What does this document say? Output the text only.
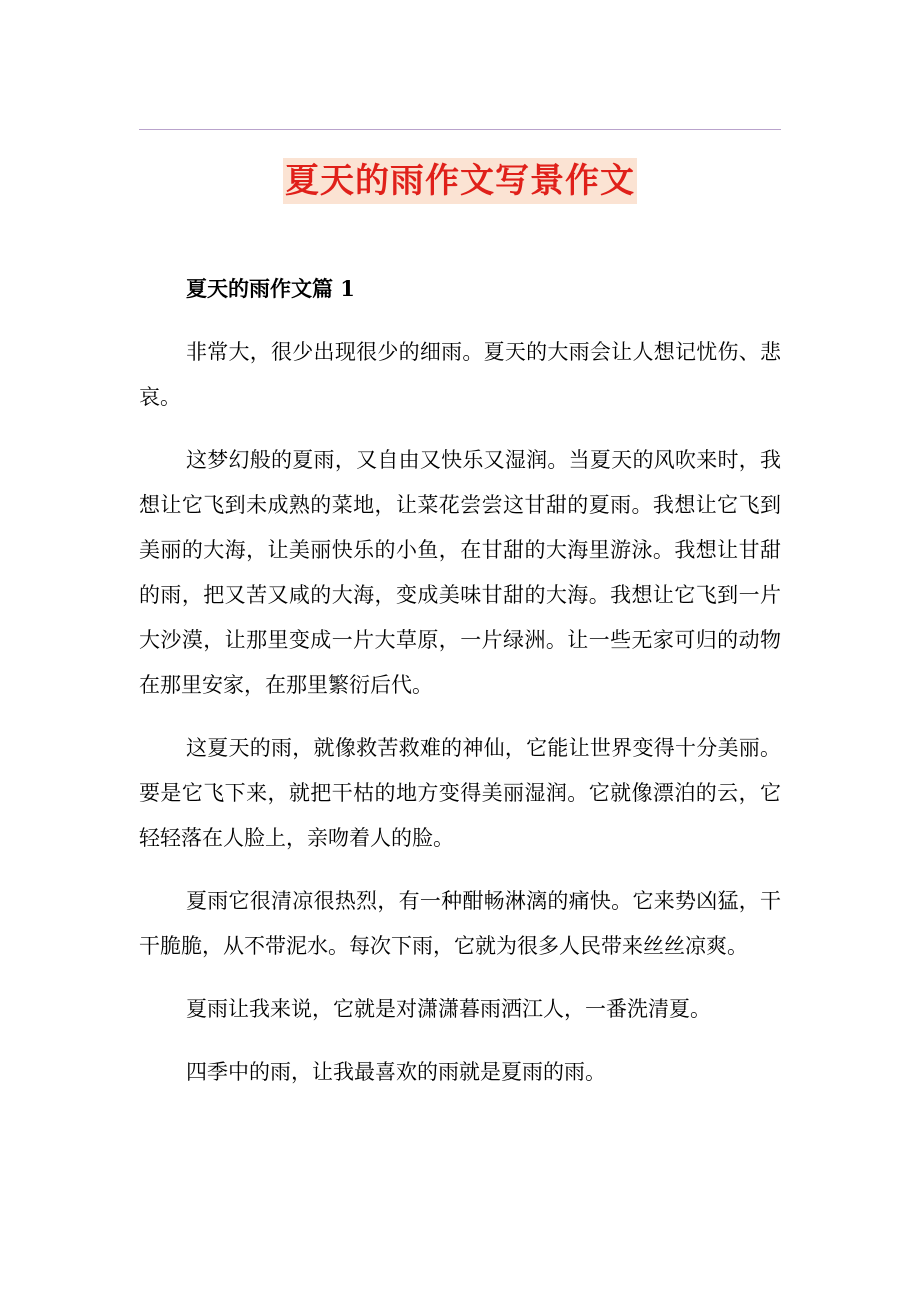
夏天的雨作文写景作文
夏天的雨作文篇 1

非常大，很少出现很少的细雨。夏天的大雨会让人想记忧伤、悲哀。

这梦幻般的夏雨，又自由又快乐又湿润。当夏天的风吹来时，我想让它飞到未成熟的菜地，让菜花尝尝这甘甜的夏雨。我想让它飞到美丽的大海，让美丽快乐的小鱼，在甘甜的大海里游泳。我想让甘甜的雨，把又苦又咸的大海，变成美味甘甜的大海。我想让它飞到一片大沙漠，让那里变成一片大草原，一片绿洲。让一些无家可归的动物在那里安家，在那里繁衍后代。

这夏天的雨，就像救苦救难的神仙，它能让世界变得十分美丽。要是它飞下来，就把干枯的地方变得美丽湿润。它就像漂泊的云，它轻轻落在人脸上，亲吻着人的脸。

夏雨它很清凉很热烈，有一种酣畅淋漓的痛快。它来势凶猛，干干脆脆，从不带泥水。每次下雨，它就为很多人民带来丝丝凉爽。

夏雨让我来说，它就是对潇潇暮雨洒江人，一番洗清夏。

四季中的雨，让我最喜欢的雨就是夏雨的雨。
